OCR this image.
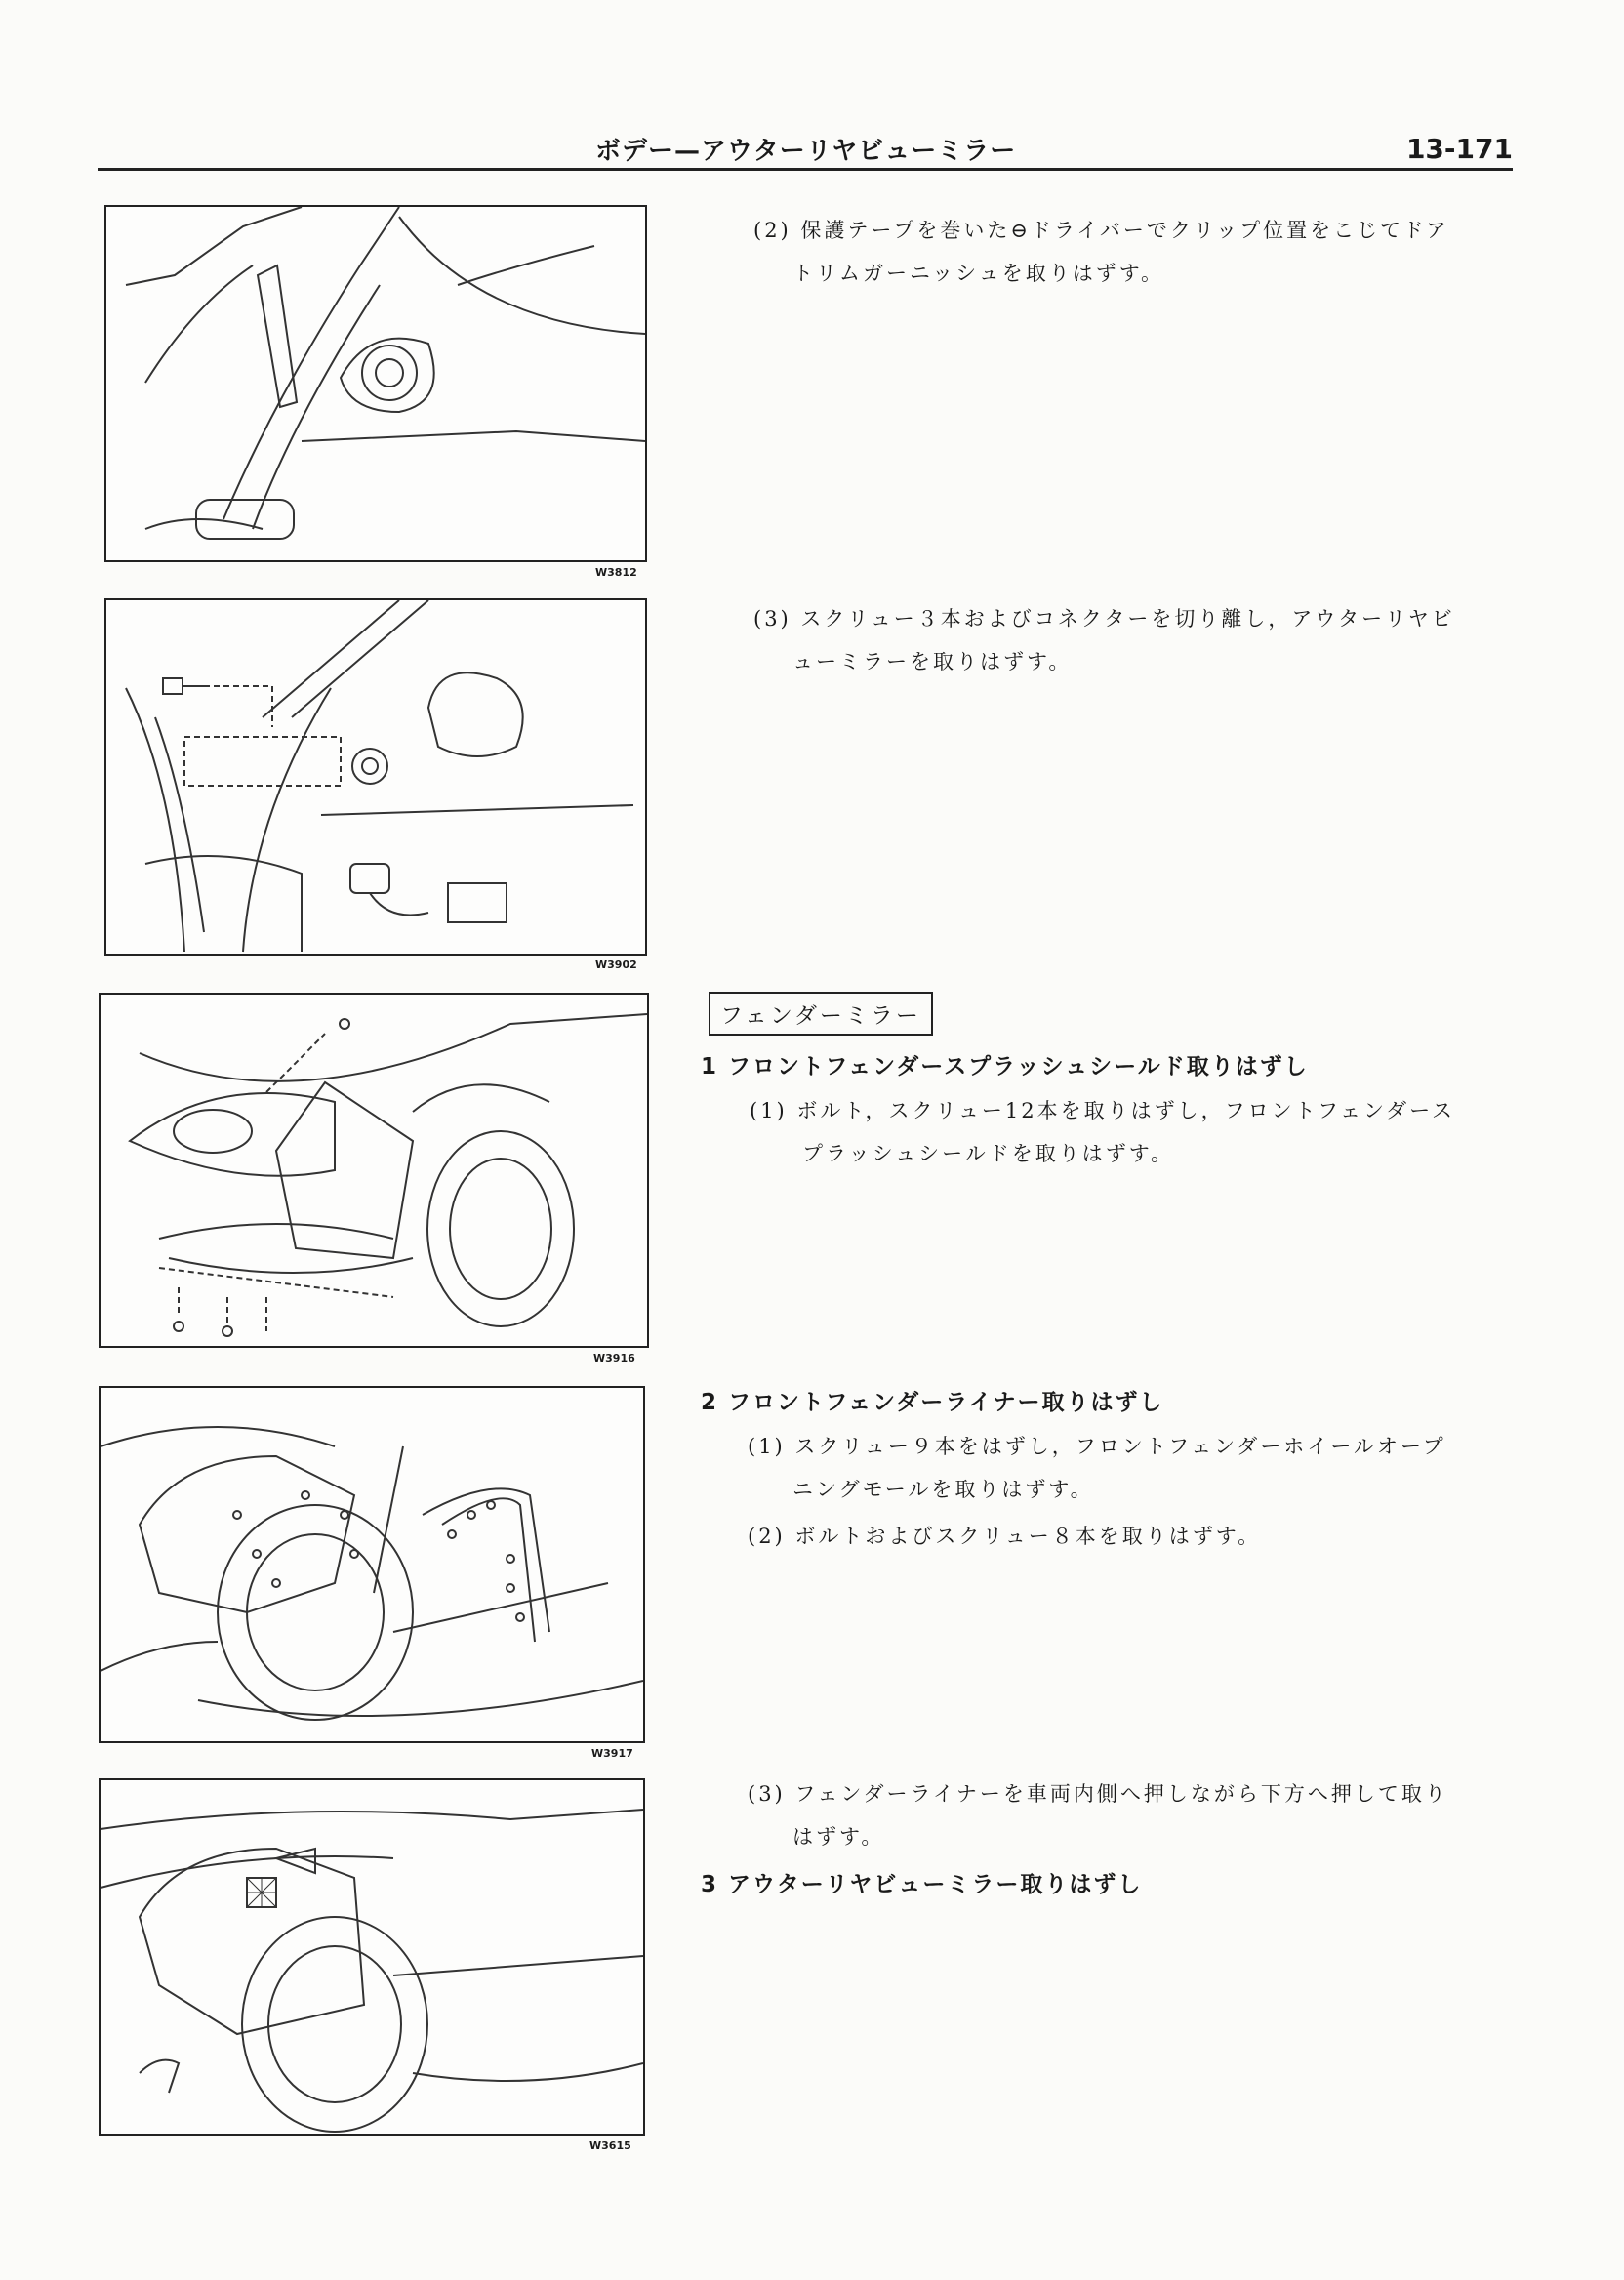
ボデー—アウターリヤビューミラー	13-171
W3812
W3902
W3916
W3917
W3615
(2) 保護テープを巻いた⊖ドライバーでクリップ位置をこじてドア
トリムガーニッシュを取りはずす。
(3) スクリュー３本およびコネクターを切り離し，アウターリヤビ
ューミラーを取りはずす。
フェンダーミラー
1 フロントフェンダースプラッシュシールド取りはずし
(1) ボルト，スクリュー12本を取りはずし，フロントフェンダース
プラッシュシールドを取りはずす。
2 フロントフェンダーライナー取りはずし
(1) スクリュー９本をはずし，フロントフェンダーホイールオープ
ニングモールを取りはずす。
(2) ボルトおよびスクリュー８本を取りはずす。
(3) フェンダーライナーを車両内側へ押しながら下方へ押して取り
はずす。
3 アウターリヤビューミラー取りはずし
